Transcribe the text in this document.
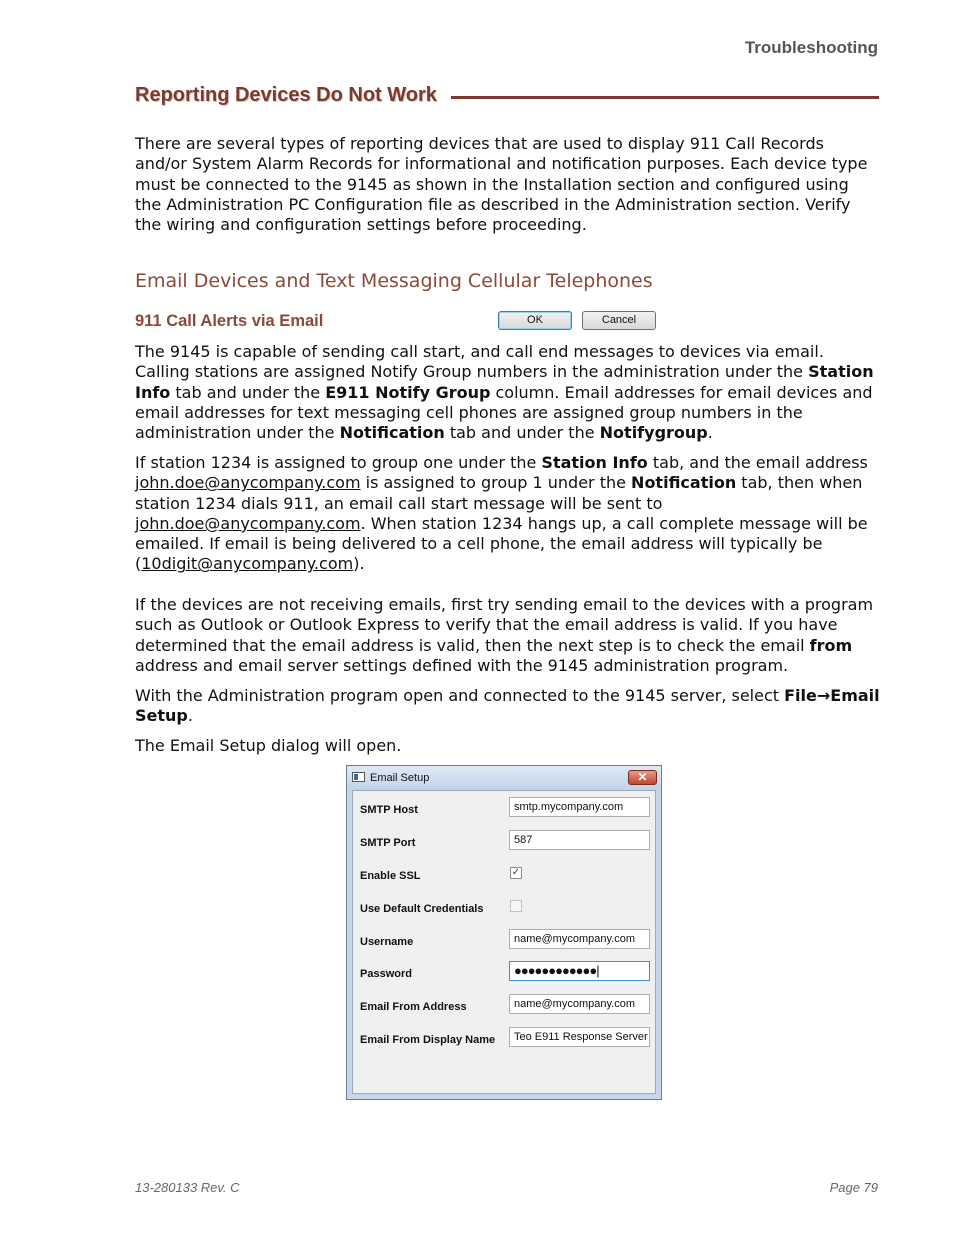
Troubleshooting
Reporting Devices Do Not Work

There are several types of reporting devices that are used to display 911 Call Records and/or System Alarm Records for informational and notification purposes. Each device type must be connected to the 9145 as shown in the Installation section and configured using the Administration PC Configuration file as described in the Administration section. Verify the wiring and configuration settings before proceeding.

Email Devices and Text Messaging Cellular Telephones
911 Call Alerts via Email

The 9145 is capable of sending call start, and call end messages to devices via email. Calling stations are assigned Notify Group numbers in the administration under the Station Info tab and under the E911 Notify Group column. Email addresses for email devices and email addresses for text messaging cell phones are assigned group numbers in the administration under the Notification tab and under the Notifygroup.

If station 1234 is assigned to group one under the Station Info tab, and the email address john.doe@anycompany.com is assigned to group 1 under the Notification tab, then when station 1234 dials 911, an email call start message will be sent to john.doe@anycompany.com. When station 1234 hangs up, a call complete message will be emailed. If email is being delivered to a cell phone, the email address will typically be (10digit@anycompany.com).

If the devices are not receiving emails, first try sending email to the devices with a program such as Outlook or Outlook Express to verify that the email address is valid. If you have determined that the email address is valid, then the next step is to check the email from address and email server settings defined with the 9145 administration program.

With the Administration program open and connected to the 9145 server, select File→Email Setup.

The Email Setup dialog will open.

Email Setup	✕
SMTP Host	smtp.mycompany.com
SMTP Port	587
Enable SSL	✓
Use Default Credentials
Username	name@mycompany.com
Password	●●●●●●●●●●●●|
Email From Address	name@mycompany.com
Email From Display Name	Teo E911 Response Server
OK	Cancel
13-280133 Rev. C	Page 79
